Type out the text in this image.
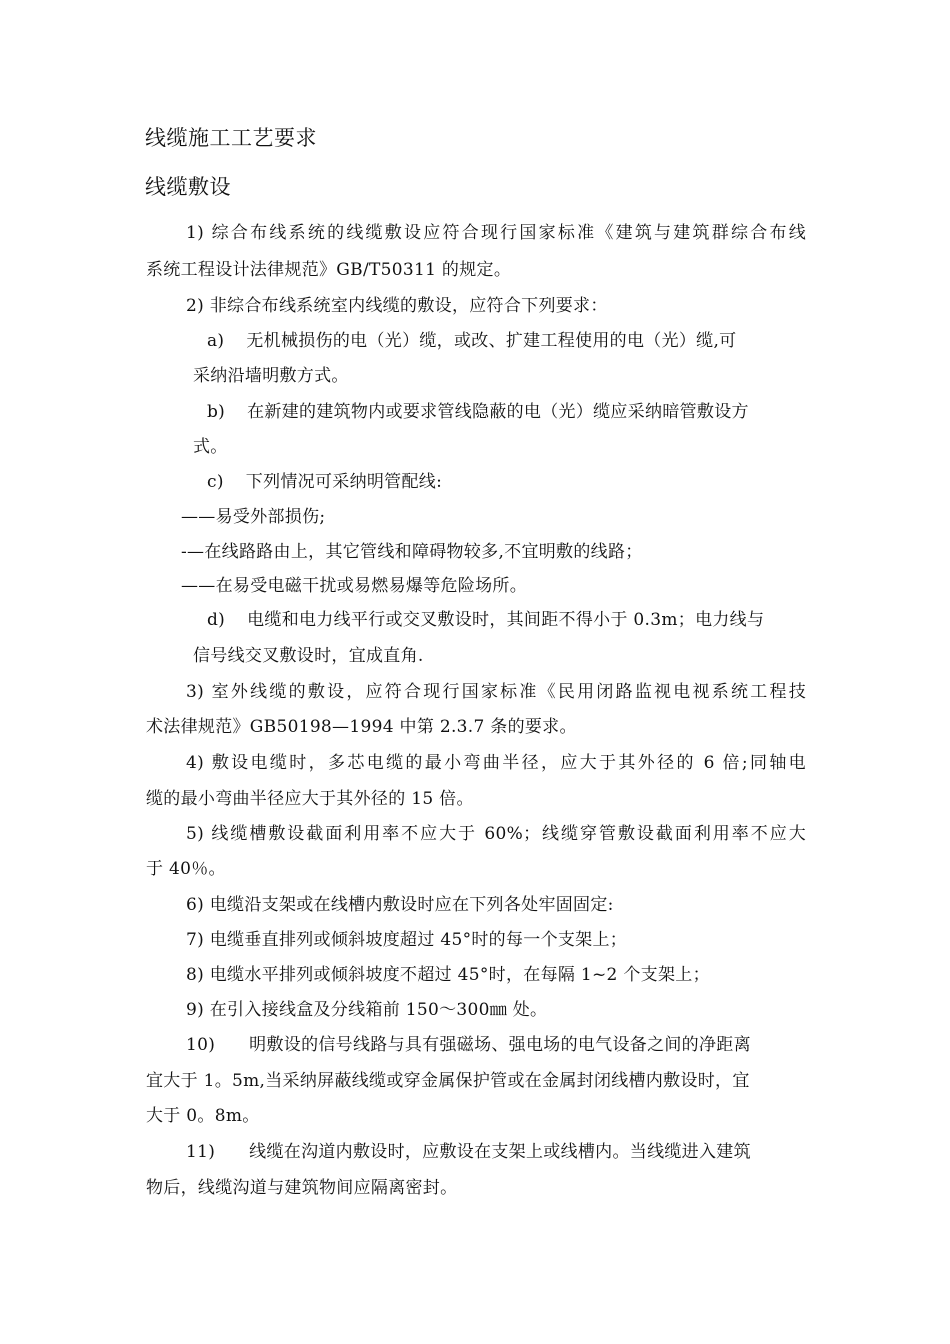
线缆施工工艺要求
线缆敷设
1) 综合布线系统的线缆敷设应符合现行国家标准《建筑与建筑群综合布线
系统工程设计法律规范》GB/T50311 的规定。
2) 非综合布线系统室内线缆的敷设，应符合下列要求：
a) 无机械损伤的电（光）缆，或改、扩建工程使用的电（光）缆,可
采纳沿墙明敷方式。
b) 在新建的建筑物内或要求管线隐蔽的电（光）缆应采纳暗管敷设方
式。
c) 下列情况可采纳明管配线:
——易受外部损伤;
-—在线路路由上，其它管线和障碍物较多,不宜明敷的线路；
——在易受电磁干扰或易燃易爆等危险场所。
d) 电缆和电力线平行或交叉敷设时，其间距不得小于 0.3m；电力线与
信号线交叉敷设时，宜成直角.
3) 室外线缆的敷设，应符合现行国家标准《民用闭路监视电视系统工程技
术法律规范》GB50198—1994 中第 2.3.7 条的要求。
4) 敷设电缆时，多芯电缆的最小弯曲半径，应大于其外径的 6 倍;同轴电
缆的最小弯曲半径应大于其外径的 15 倍。
5) 线缆槽敷设截面利用率不应大于 60%；线缆穿管敷设截面利用率不应大
于 40％。
6) 电缆沿支架或在线槽内敷设时应在下列各处牢固固定:
7) 电缆垂直排列或倾斜坡度超过 45°时的每一个支架上；
8) 电缆水平排列或倾斜坡度不超过 45°时，在每隔 1~2 个支架上；
9) 在引入接线盒及分线箱前 150～300㎜ 处。
10) 明敷设的信号线路与具有强磁场、强电场的电气设备之间的净距离
宜大于 1。5m,当采纳屏蔽线缆或穿金属保护管或在金属封闭线槽内敷设时，宜
大于 0。8m。
11) 线缆在沟道内敷设时，应敷设在支架上或线槽内。当线缆进入建筑
物后，线缆沟道与建筑物间应隔离密封。
